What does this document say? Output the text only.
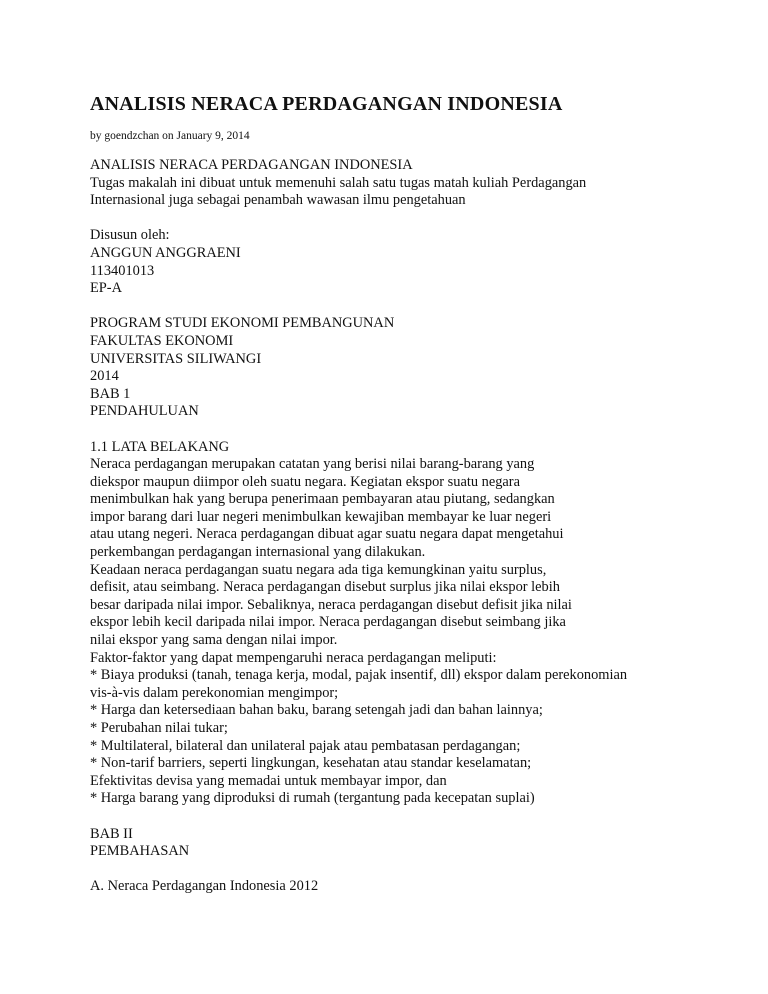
ANALISIS NERACA PERDAGANGAN INDONESIA
by goendzchan on January 9, 2014
ANALISIS NERACA PERDAGANGAN INDONESIA
Tugas makalah ini dibuat untuk memenuhi salah satu tugas matah kuliah Perdagangan
Internasional juga sebagai penambah wawasan ilmu pengetahuan
Disusun oleh:
ANGGUN ANGGRAENI
113401013
EP-A
PROGRAM STUDI EKONOMI PEMBANGUNAN
FAKULTAS EKONOMI
UNIVERSITAS SILIWANGI
2014
BAB 1
PENDAHULUAN
1.1 LATA BELAKANG
Neraca perdagangan merupakan catatan yang berisi nilai barang-barang yang
diekspor maupun diimpor oleh suatu negara. Kegiatan ekspor suatu negara
menimbulkan hak yang berupa penerimaan pembayaran atau piutang, sedangkan
impor barang dari luar negeri menimbulkan kewajiban membayar ke luar negeri
atau utang negeri. Neraca perdagangan dibuat agar suatu negara dapat mengetahui
perkembangan perdagangan internasional yang dilakukan.
Keadaan neraca perdagangan suatu negara ada tiga kemungkinan yaitu surplus,
defisit, atau seimbang. Neraca perdagangan disebut surplus jika nilai ekspor lebih
besar daripada nilai impor. Sebaliknya, neraca perdagangan disebut defisit jika nilai
ekspor lebih kecil daripada nilai impor. Neraca perdagangan disebut seimbang jika
nilai ekspor yang sama dengan nilai impor.
Faktor-faktor yang dapat mempengaruhi neraca perdagangan meliputi:
* Biaya produksi (tanah, tenaga kerja, modal, pajak insentif, dll) ekspor dalam perekonomian
vis-à-vis dalam perekonomian mengimpor;
* Harga dan ketersediaan bahan baku, barang setengah jadi dan bahan lainnya;
* Perubahan nilai tukar;
* Multilateral, bilateral dan unilateral pajak atau pembatasan perdagangan;
* Non-tarif barriers, seperti lingkungan, kesehatan atau standar keselamatan;
Efektivitas devisa yang memadai untuk membayar impor, dan
* Harga barang yang diproduksi di rumah (tergantung pada kecepatan suplai)
BAB II
PEMBAHASAN
A. Neraca Perdagangan Indonesia 2012
